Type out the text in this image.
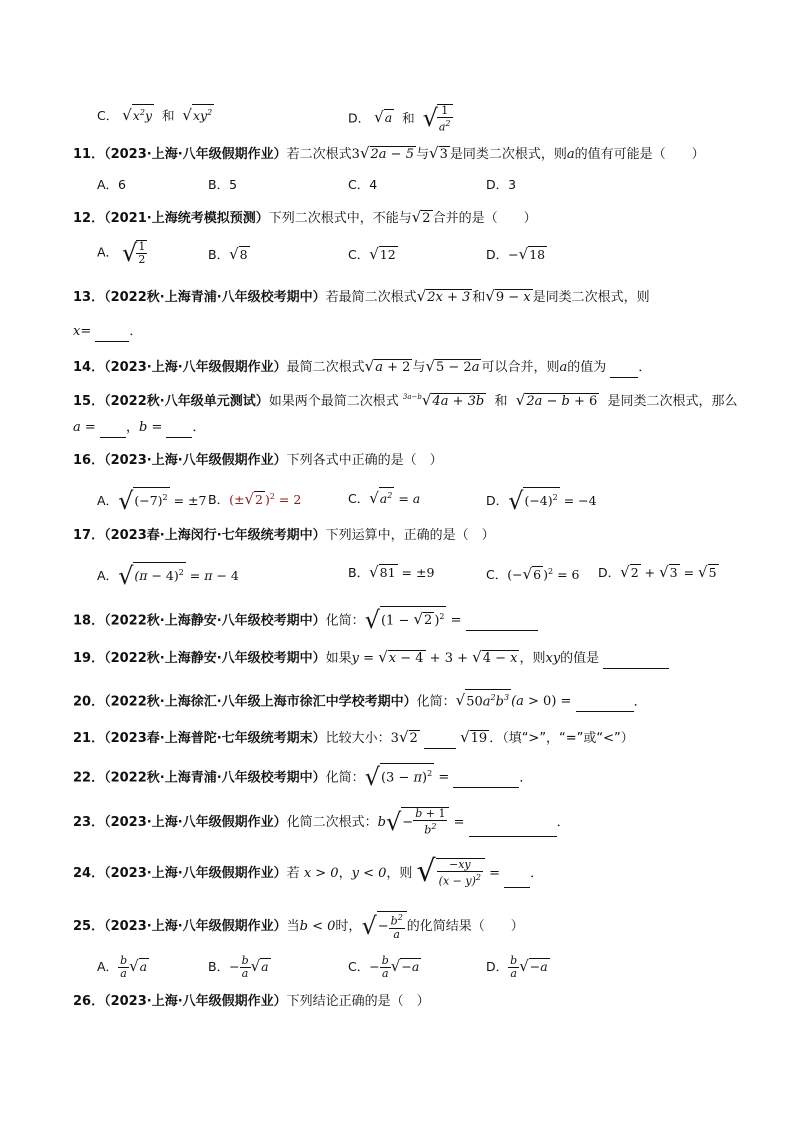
C． $√x^2y$ 和 $√xy^2$	D． √a 和 √ $\frac{1}{a^2}$
11．（2023·上海·八年级假期作业）若二次根式3√2a − 5 与√3 是同类二次根式，则a的值有可能是（　　）
A．6	B．5	C．4	D．3
12．（2021·上海统考模拟预测）下列二次根式中，不能与√2 合并的是（　　）
A． √ $\frac{1}{2}$	B．√8	C．√12	D．−√18
13．（2022秋·上海青浦·八年级校考期中）若最简二次根式√2x + 3 和√9 − x 是同类二次根式，则
x=	．
14．（2023·上海·八年级假期作业）最简二次根式√a + 2 与√5 − 2a 可以合并，则a的值为 ．
15．（2022秋·八年级单元测试）如果两个最简二次根式 $^{3a-b}$√4a + 3b 和 √2a − b + 6 是同类二次根式，那么
a = ，b = ．
16．（2023·上海·八年级假期作业）下列各式中正确的是（　）
A．$√(-7)^2 = \pm 7$ B．(±√2 )$^2$ = 2	C．$√a^2 = a$	D．$√(-4)^2 = -4$
17．（2023春·上海闵行·七年级统考期中）下列运算中，正确的是（　）
A．$√(\pi - 4)^2 = \pi - 4$	B．√81 = ±9	C．(−√6 )$^2$ = 6 D．√2 + √3 = √5
18．（2022秋·上海静安·八年级校考期中）化简：√(1 − √2 )$^2$ =
19．（2022秋·上海静安·八年级校考期中）如果y = √x − 4 + 3 + √4 − x ，则xy的值是
20．（2022秋·上海徐汇·八年级上海市徐汇中学校考期中）化简：$√50a^2b^3$ (a > 0) =	．
21．（2023春·上海普陀·七年级统考期末）比较大小：3√2	√19 ．（填“>”，“=”或“<”）
22．（2022秋·上海青浦·八年级校考期中）化简：$√(3 - \pi)^2$ =	．
23．（2023·上海·八年级假期作业）化简二次根式：$b√- \frac{b + 1}{b^2}$ =	．
24．（2023·上海·八年级假期作业）若 x > 0，y < 0，则 √ $\frac{-xy}{(x - y)^2}$ = ．
25．（2023·上海·八年级假期作业）当b < 0时，√− $\frac{b^2}{a}$ 的化简结果（　　）
A． $\frac{b}{a} √a$	B．− $\frac{b}{a} √a$	C．− $\frac{b}{a} √-a$	D． $\frac{b}{a} √-a$
26．（2023·上海·八年级假期作业）下列结论正确的是（　）
